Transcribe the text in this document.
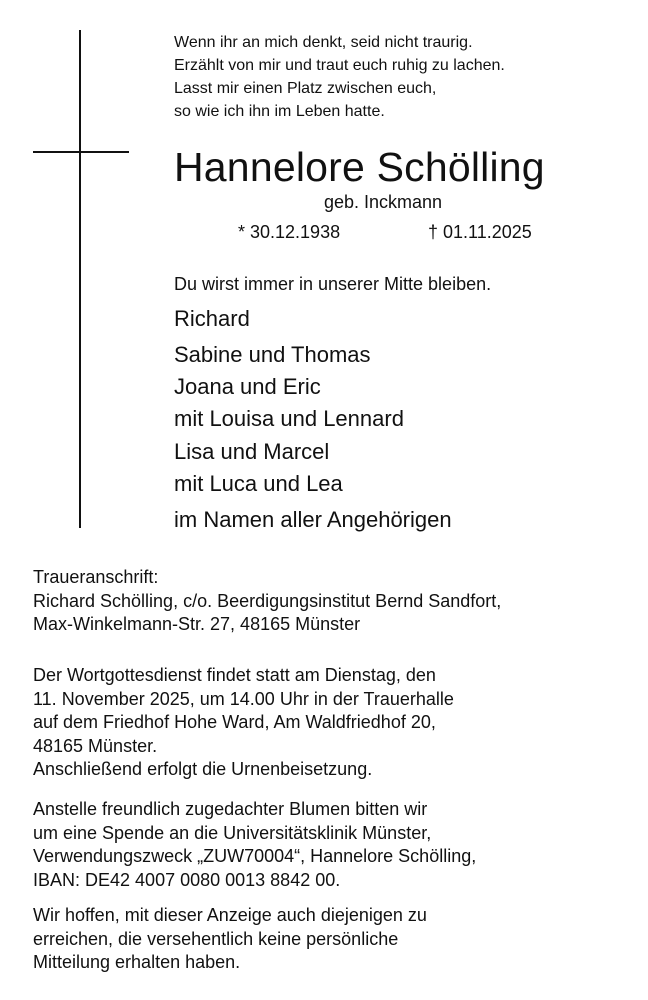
Wenn ihr an mich denkt, seid nicht traurig.
Erzählt von mir und traut euch ruhig zu lachen.
Lasst mir einen Platz zwischen euch,
so wie ich ihn im Leben hatte.
Hannelore Schölling
geb. Inckmann
* 30.12.1938	† 01.11.2025
Du wirst immer in unserer Mitte bleiben.
Richard
Sabine und Thomas
Joana und Eric
mit Louisa und Lennard
Lisa und Marcel
mit Luca und Lea
im Namen aller Angehörigen
Traueranschrift:
Richard Schölling, c/o. Beerdigungsinstitut Bernd Sandfort,
Max-Winkelmann-Str. 27, 48165 Münster
Der Wortgottesdienst findet statt am Dienstag, den
11. November 2025, um 14.00 Uhr in der Trauerhalle
auf dem Friedhof Hohe Ward, Am Waldfriedhof 20,
48165 Münster.
Anschließend erfolgt die Urnenbeisetzung.
Anstelle freundlich zugedachter Blumen bitten wir
um eine Spende an die Universitätsklinik Münster,
Verwendungszweck „ZUW70004“, Hannelore Schölling,
IBAN: DE42 4007 0080 0013 8842 00.
Wir hoffen, mit dieser Anzeige auch diejenigen zu
erreichen, die versehentlich keine persönliche
Mitteilung erhalten haben.
